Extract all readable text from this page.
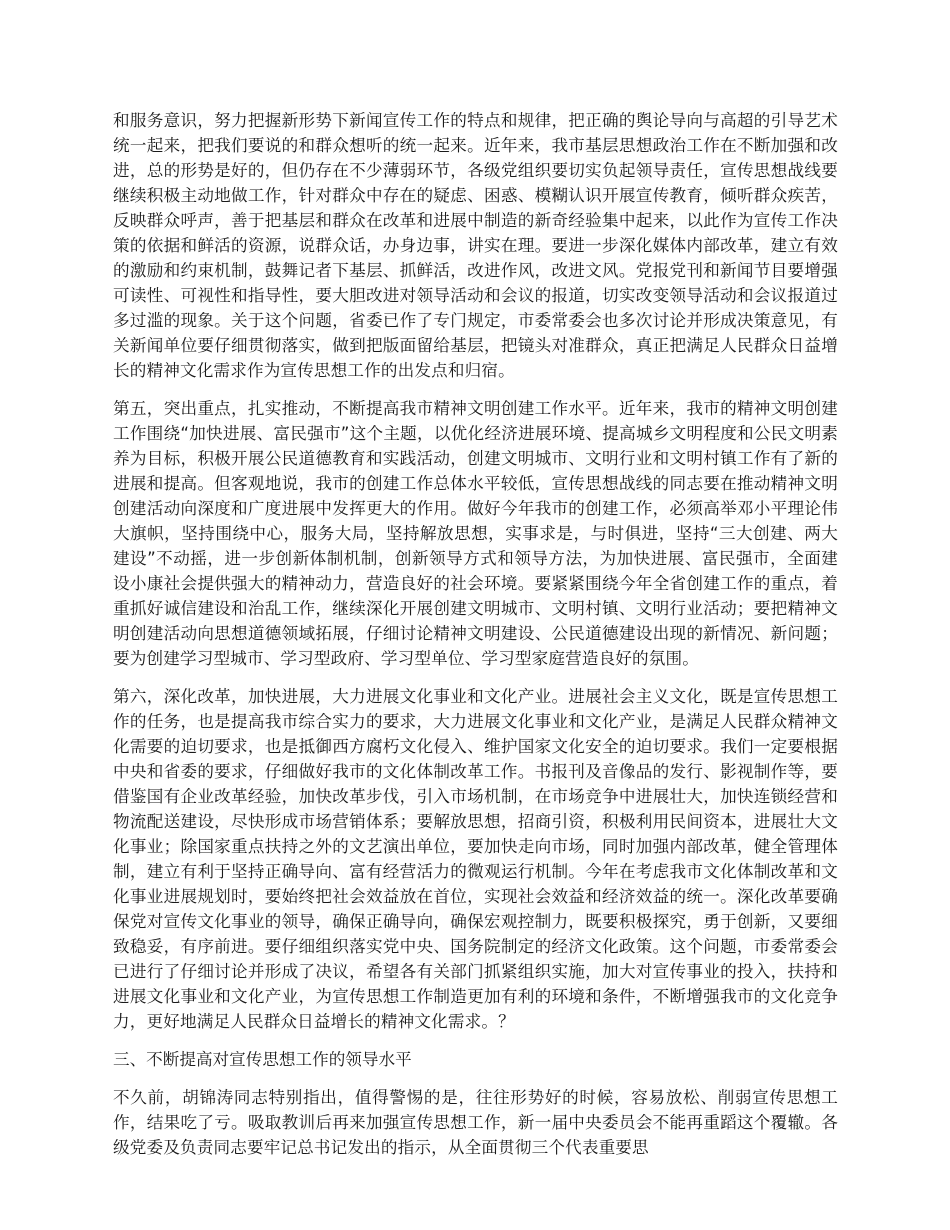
和服务意识，努力把握新形势下新闻宣传工作的特点和规律，把正确的舆论导向与高超的引导艺术统一起来，把我们要说的和群众想听的统一起来。近年来，我市基层思想政治工作在不断加强和改进，总的形势是好的，但仍存在不少薄弱环节，各级党组织要切实负起领导责任，宣传思想战线要继续积极主动地做工作，针对群众中存在的疑虑、困惑、模糊认识开展宣传教育，倾听群众疾苦，反映群众呼声，善于把基层和群众在改革和进展中制造的新奇经验集中起来，以此作为宣传工作决策的依据和鲜活的资源，说群众话，办身边事，讲实在理。要进一步深化媒体内部改革，建立有效的激励和约束机制，鼓舞记者下基层、抓鲜活，改进作风，改进文风。党报党刊和新闻节目要增强可读性、可视性和指导性，要大胆改进对领导活动和会议的报道，切实改变领导活动和会议报道过多过滥的现象。关于这个问题，省委已作了专门规定，市委常委会也多次讨论并形成决策意见，有关新闻单位要仔细贯彻落实，做到把版面留给基层，把镜头对准群众，真正把满足人民群众日益增长的精神文化需求作为宣传思想工作的出发点和归宿。

第五，突出重点，扎实推动，不断提高我市精神文明创建工作水平。近年来，我市的精神文明创建工作围绕“加快进展、富民强市”这个主题，以优化经济进展环境、提高城乡文明程度和公民文明素养为目标，积极开展公民道德教育和实践活动，创建文明城市、文明行业和文明村镇工作有了新的进展和提高。但客观地说，我市的创建工作总体水平较低，宣传思想战线的同志要在推动精神文明创建活动向深度和广度进展中发挥更大的作用。做好今年我市的创建工作，必须高举邓小平理论伟大旗帜，坚持围绕中心，服务大局，坚持解放思想，实事求是，与时俱进，坚持“三大创建、两大建设”不动摇，进一步创新体制机制，创新领导方式和领导方法，为加快进展、富民强市，全面建设小康社会提供强大的精神动力，营造良好的社会环境。要紧紧围绕今年全省创建工作的重点，着重抓好诚信建设和治乱工作，继续深化开展创建文明城市、文明村镇、文明行业活动；要把精神文明创建活动向思想道德领域拓展，仔细讨论精神文明建设、公民道德建设出现的新情况、新问题；要为创建学习型城市、学习型政府、学习型单位、学习型家庭营造良好的氛围。

第六，深化改革，加快进展，大力进展文化事业和文化产业。进展社会主义文化，既是宣传思想工作的任务，也是提高我市综合实力的要求，大力进展文化事业和文化产业，是满足人民群众精神文化需要的迫切要求，也是抵御西方腐朽文化侵入、维护国家文化安全的迫切要求。我们一定要根据中央和省委的要求，仔细做好我市的文化体制改革工作。书报刊及音像品的发行、影视制作等，要借鉴国有企业改革经验，加快改革步伐，引入市场机制，在市场竞争中进展壮大，加快连锁经营和物流配送建设，尽快形成市场营销体系；要解放思想，招商引资，积极利用民间资本，进展壮大文化事业；除国家重点扶持之外的文艺演出单位，要加快走向市场，同时加强内部改革，健全管理体制，建立有利于坚持正确导向、富有经营活力的微观运行机制。今年在考虑我市文化体制改革和文化事业进展规划时，要始终把社会效益放在首位，实现社会效益和经济效益的统一。深化改革要确保党对宣传文化事业的领导，确保正确导向，确保宏观控制力，既要积极探究，勇于创新，又要细致稳妥，有序前进。要仔细组织落实党中央、国务院制定的经济文化政策。这个问题，市委常委会已进行了仔细讨论并形成了决议，希望各有关部门抓紧组织实施，加大对宣传事业的投入，扶持和进展文化事业和文化产业，为宣传思想工作制造更加有利的环境和条件，不断增强我市的文化竞争力，更好地满足人民群众日益增长的精神文化需求。？

三、不断提高对宣传思想工作的领导水平

不久前，胡锦涛同志特别指出，值得警惕的是，往往形势好的时候，容易放松、削弱宣传思想工作，结果吃了亏。吸取教训后再来加强宣传思想工作，新一届中央委员会不能再重蹈这个覆辙。各级党委及负责同志要牢记总书记发出的指示，从全面贯彻三个代表重要思
